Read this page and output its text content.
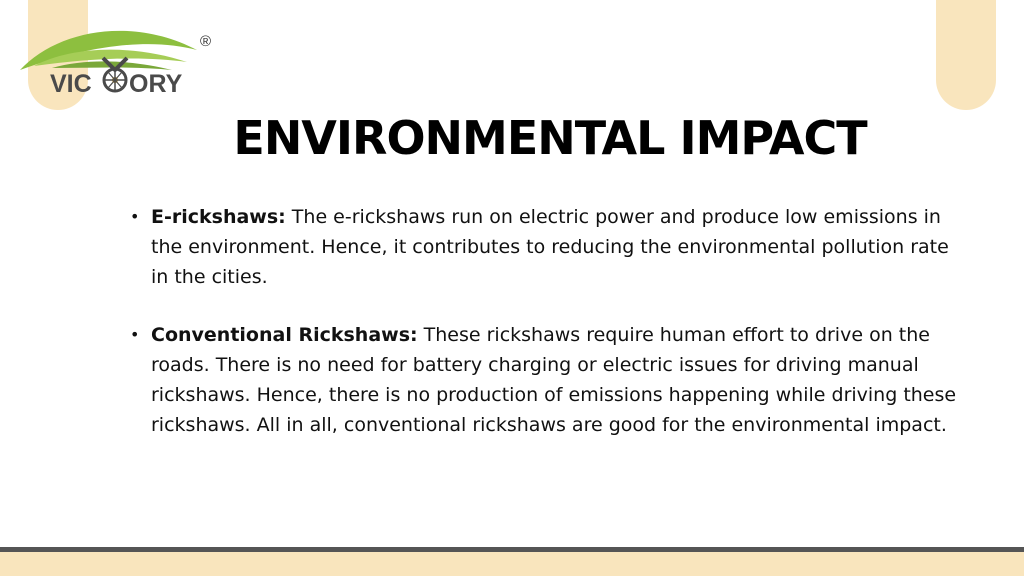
®
VIC ORY
ENVIRONMENTAL IMPACT
• E-rickshaws: The e-rickshaws run on electric power and produce low emissions in the environment. Hence, it contributes to reducing the environmental pollution rate in the cities.
• Conventional Rickshaws: These rickshaws require human effort to drive on the roads. There is no need for battery charging or electric issues for driving manual rickshaws. Hence, there is no production of emissions happening while driving these rickshaws. All in all, conventional rickshaws are good for the environmental impact.
